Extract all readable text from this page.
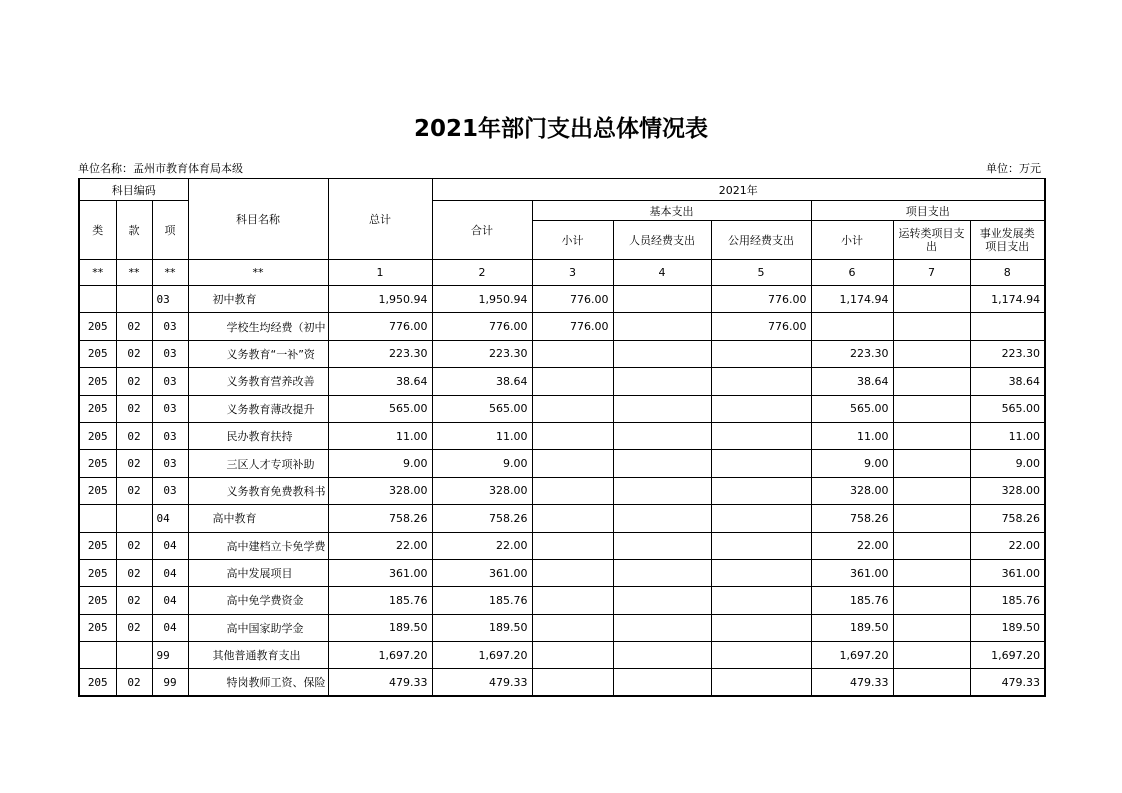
2021年部门支出总体情况表
单位名称：孟州市教育体育局本级	单位：万元
科目编码			科目名称	总计	2021年						
类	款	项			合计	基本支出			项目支出		
						小计	人员经费支出	公用经费支出	小计	运转类项目支出	事业发展类项目支出
**	**	**	**	1	2	3	4	5	6	7	8
		03	初中教育	1,950.94	1,950.94	776.00		776.00	1,174.94		1,174.94
205	02	03	学校生均经费（初中	776.00	776.00	776.00		776.00			
205	02	03	义务教育“一补”资	223.30	223.30				223.30		223.30
205	02	03	义务教育营养改善	38.64	38.64				38.64		38.64
205	02	03	义务教育薄改提升	565.00	565.00				565.00		565.00
205	02	03	民办教育扶持	11.00	11.00				11.00		11.00
205	02	03	三区人才专项补助	9.00	9.00				9.00		9.00
205	02	03	义务教育免费教科书	328.00	328.00				328.00		328.00
		04	高中教育	758.26	758.26				758.26		758.26
205	02	04	高中建档立卡免学费	22.00	22.00				22.00		22.00
205	02	04	高中发展项目	361.00	361.00				361.00		361.00
205	02	04	高中免学费资金	185.76	185.76				185.76		185.76
205	02	04	高中国家助学金	189.50	189.50				189.50		189.50
		99	其他普通教育支出	1,697.20	1,697.20				1,697.20		1,697.20
205	02	99	特岗教师工资、保险	479.33	479.33				479.33		479.33
